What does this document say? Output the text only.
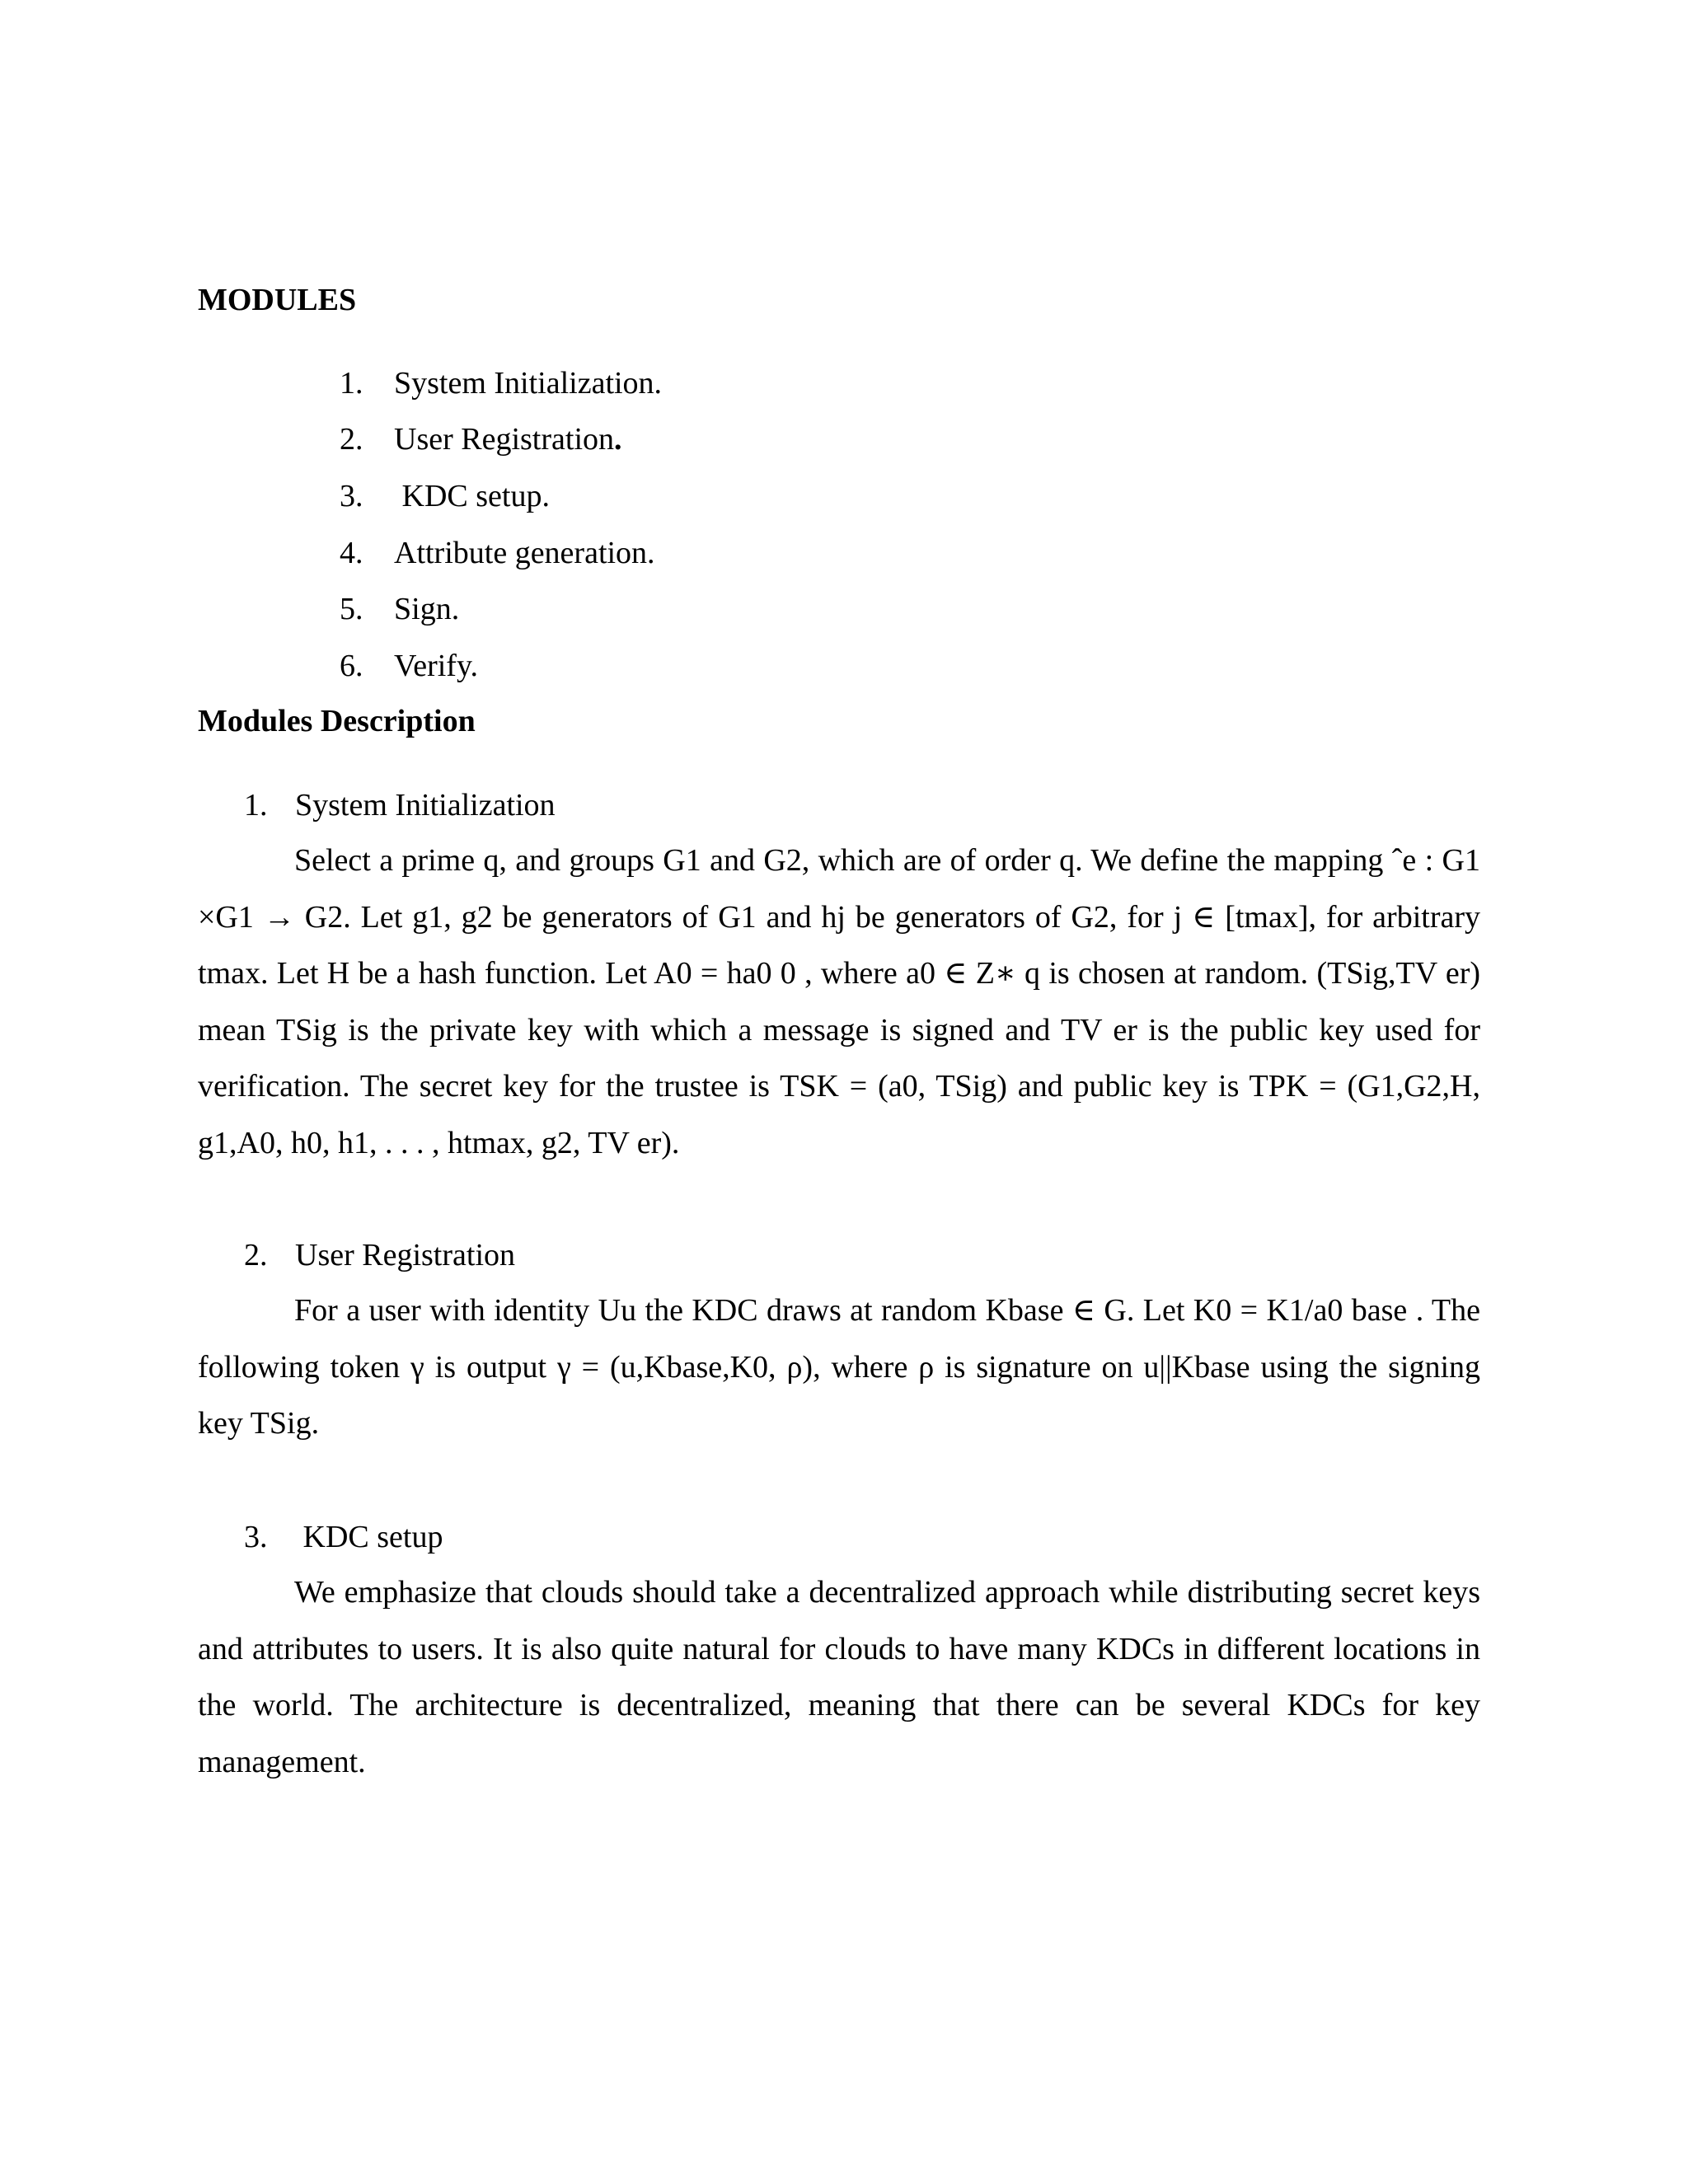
MODULES
1. System Initialization.
2. User Registration.
3. KDC setup.
4. Attribute generation.
5. Sign.
6. Verify.
Modules Description
1. System Initialization

Select a prime q, and groups G1 and G2, which are of order q. We define the mapping ˆe : G1 ×G1 → G2. Let g1, g2 be generators of G1 and hj be generators of G2, for j ∈ [tmax], for arbitrary tmax. Let H be a hash function. Let A0 = ha0 0 , where a0 ∈ Z∗ q is chosen at random. (TSig,TV er) mean TSig is the private key with which a message is signed and TV er is the public key used for verification. The secret key for the trustee is TSK = (a0, TSig) and public key is TPK = (G1,G2,H, g1,A0, h0, h1, . . . , htmax, g2, TV er).

2. User Registration

For a user with identity Uu the KDC draws at random Kbase ∈ G. Let K0 = K1/a0 base . The following token γ is output γ = (u,Kbase,K0, ρ), where ρ is signature on u||Kbase using the signing key TSig.

3. KDC setup

We emphasize that clouds should take a decentralized approach while distributing secret keys and attributes to users. It is also quite natural for clouds to have many KDCs in different locations in the world. The architecture is decentralized, meaning that there can be several KDCs for key management.
